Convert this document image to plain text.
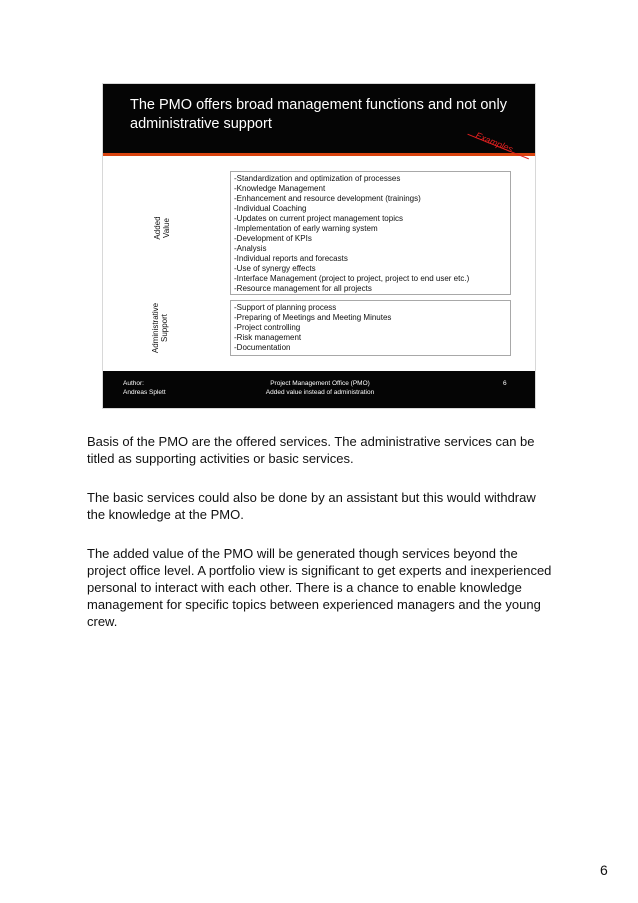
The PMO offers broad management functions and not only
administrative support
Examples
Added Value
Administrative Support
-Standardization and optimization of processes
-Knowledge Management
-Enhancement and resource development (trainings)
-Individual Coaching
-Updates on current project management topics
-Implementation of early warning system
-Development of KPIs
-Analysis
-Individual reports and forecasts
-Use of synergy effects
-Interface Management (project to project, project to end user etc.)
-Resource management for all projects
-Support of planning process
-Preparing of Meetings and Meeting Minutes
-Project controlling
-Risk management
-Documentation
Author:
Andreas Splett
Project Management Office (PMO)
Added value instead of administration
6

Basis of the PMO are the offered services. The administrative services can be titled as supporting activities or basic services.

The basic services could also be done by an assistant but this would withdraw the knowledge at the PMO.

The added value of the PMO will be generated though services beyond the project office level. A portfolio view is significant to get experts and inexperienced personal to interact with each other. There is a chance to enable knowledge management for specific topics between experienced managers and the young crew.

6
